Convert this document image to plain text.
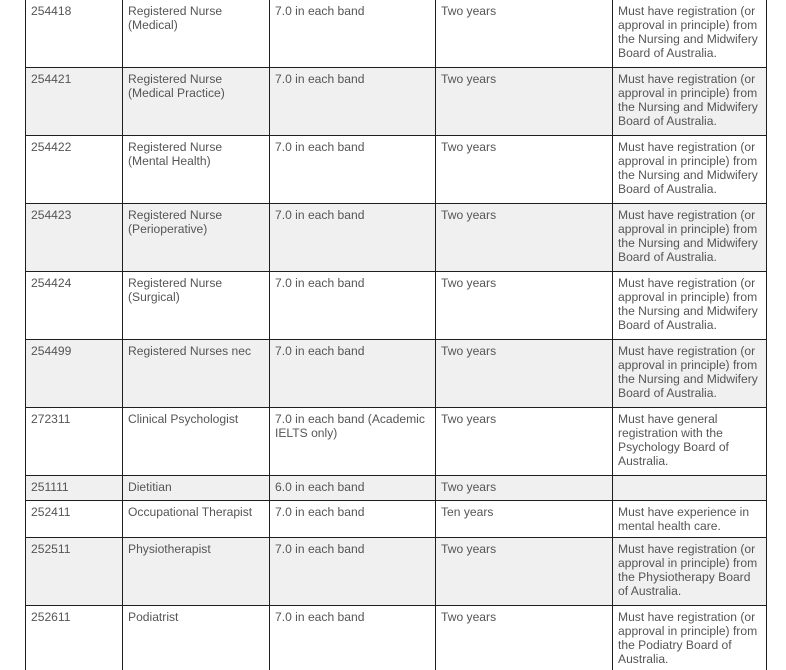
254418	Registered Nurse (Medical)	7.0 in each band	Two years	Must have registration (or approval in principle) from the Nursing and Midwifery Board of Australia.
254421	Registered Nurse (Medical Practice)	7.0 in each band	Two years	Must have registration (or approval in principle) from the Nursing and Midwifery Board of Australia.
254422	Registered Nurse (Mental Health)	7.0 in each band	Two years	Must have registration (or approval in principle) from the Nursing and Midwifery Board of Australia.
254423	Registered Nurse (Perioperative)	7.0 in each band	Two years	Must have registration (or approval in principle) from the Nursing and Midwifery Board of Australia.
254424	Registered Nurse (Surgical)	7.0 in each band	Two years	Must have registration (or approval in principle) from the Nursing and Midwifery Board of Australia.
254499	Registered Nurses nec	7.0 in each band	Two years	Must have registration (or approval in principle) from the Nursing and Midwifery Board of Australia.
272311	Clinical Psychologist	7.0 in each band (Academic IELTS only)	Two years	Must have general registration with the Psychology Board of Australia.
251111	Dietitian	6.0 in each band	Two years	
252411	Occupational Therapist	7.0 in each band	Ten years	Must have experience in mental health care.
252511	Physiotherapist	7.0 in each band	Two years	Must have registration (or approval in principle) from the Physiotherapy Board of Australia.
252611	Podiatrist	7.0 in each band	Two years	Must have registration (or approval in principle) from the Podiatry Board of Australia.
